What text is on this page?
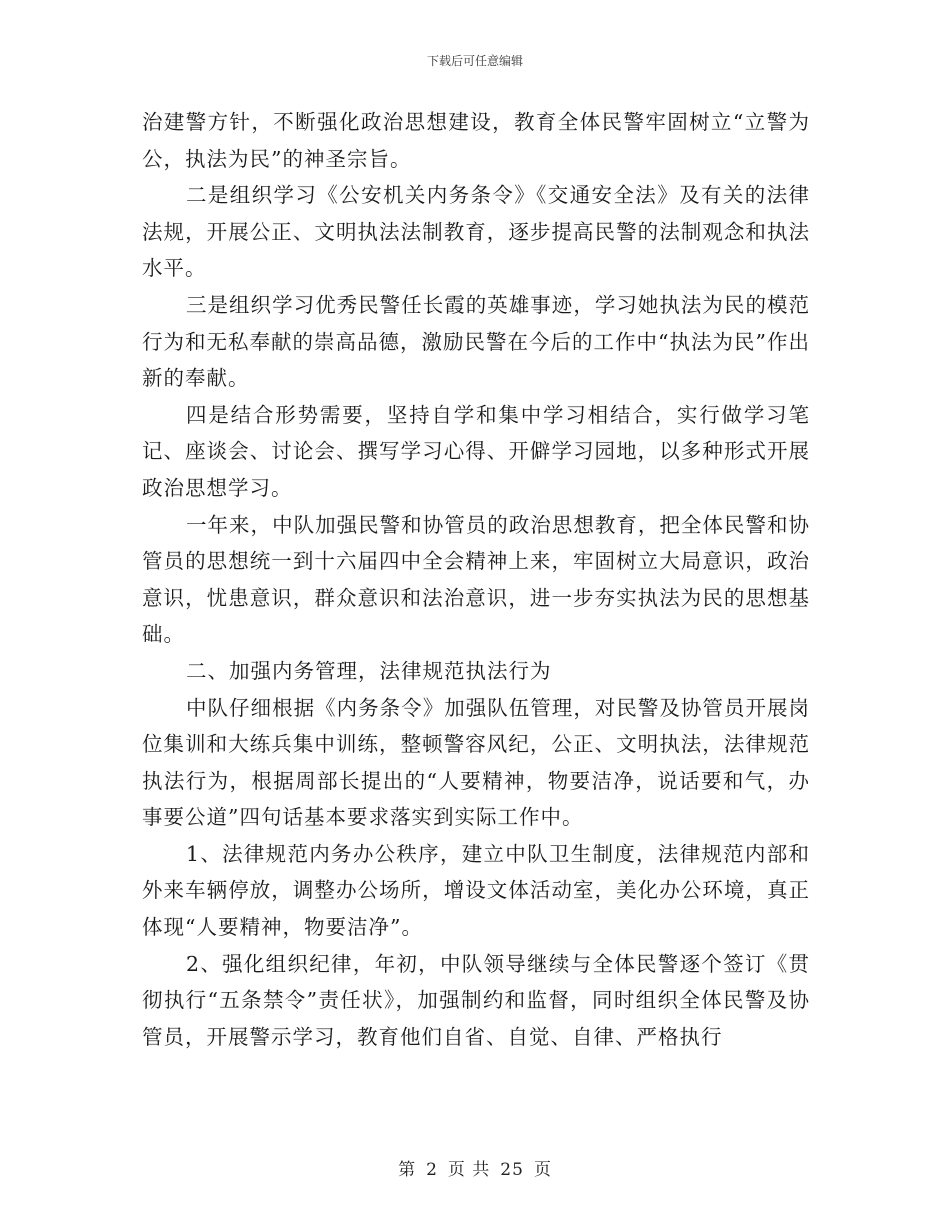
下载后可任意编辑

治建警方针，不断强化政治思想建设，教育全体民警牢固树立“立警为公，执法为民”的神圣宗旨。

二是组织学习《公安机关内务条令》《交通安全法》及有关的法律法规，开展公正、文明执法法制教育，逐步提高民警的法制观念和执法水平。

三是组织学习优秀民警任长霞的英雄事迹，学习她执法为民的模范行为和无私奉献的崇高品德，激励民警在今后的工作中“执法为民”作出新的奉献。

四是结合形势需要，坚持自学和集中学习相结合，实行做学习笔记、座谈会、讨论会、撰写学习心得、开僻学习园地，以多种形式开展政治思想学习。

一年来，中队加强民警和协管员的政治思想教育，把全体民警和协管员的思想统一到十六届四中全会精神上来，牢固树立大局意识，政治意识，忧患意识，群众意识和法治意识，进一步夯实执法为民的思想基础。

二、加强内务管理，法律规范执法行为

中队仔细根据《内务条令》加强队伍管理，对民警及协管员开展岗位集训和大练兵集中训练，整顿警容风纪，公正、文明执法，法律规范执法行为，根据周部长提出的“人要精神，物要洁净，说话要和气，办事要公道”四句话基本要求落实到实际工作中。

1、法律规范内务办公秩序，建立中队卫生制度，法律规范内部和外来车辆停放，调整办公场所，增设文体活动室，美化办公环境，真正体现“人要精神，物要洁净”。

2、强化组织纪律，年初，中队领导继续与全体民警逐个签订《贯彻执行“五条禁令”责任状》，加强制约和监督，同时组织全体民警及协管员，开展警示学习，教育他们自省、自觉、自律、严格执行

第 2 页 共 25 页
